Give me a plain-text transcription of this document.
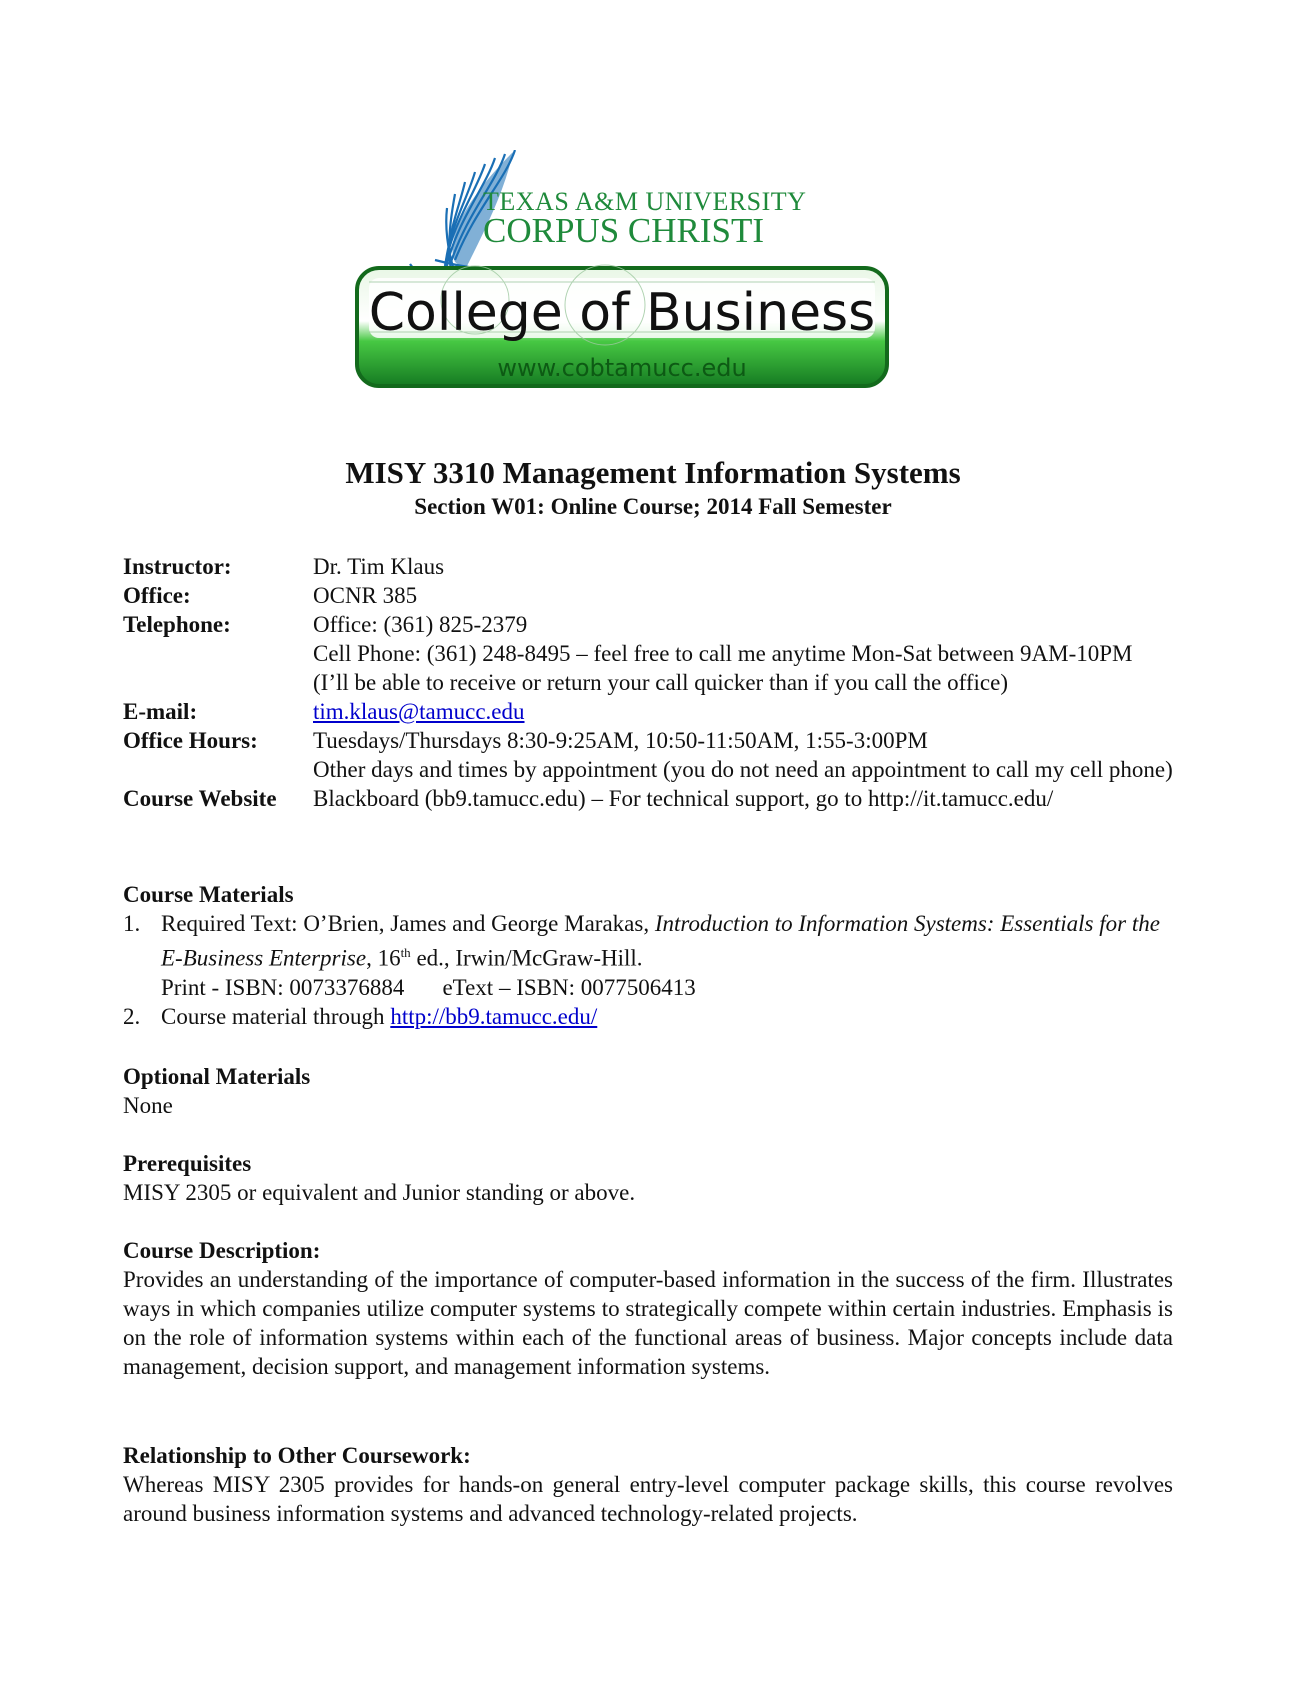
TEXAS A&M UNIVERSITY
CORPUS CHRISTI
College of Business
www.cobtamucc.edu
MISY 3310 Management Information Systems
Section W01: Online Course; 2014 Fall Semester
Instructor:	Dr. Tim Klaus
Office:	OCNR 385
Telephone:	Office: (361) 825-2379
Cell Phone: (361) 248-8495 – feel free to call me anytime Mon-Sat between 9AM-10PM (I’ll be able to receive or return your call quicker than if you call the office)
E-mail:	tim.klaus@tamucc.edu
Office Hours:	Tuesdays/Thursdays 8:30-9:25AM, 10:50-11:50AM, 1:55-3:00PM
Other days and times by appointment (you do not need an appointment to call my cell phone)
Course Website	Blackboard (bb9.tamucc.edu) – For technical support, go to http://it.tamucc.edu/
Course Materials
1. Required Text: O’Brien, James and George Marakas, Introduction to Information Systems: Essentials for the E-Business Enterprise, 16th ed., Irwin/McGraw-Hill.
Print - ISBN: 0073376884 eText – ISBN: 0077506413
2. Course material through http://bb9.tamucc.edu/
Optional Materials
None
Prerequisites
MISY 2305 or equivalent and Junior standing or above.
Course Description:
Provides an understanding of the importance of computer-based information in the success of the firm. Illustrates ways in which companies utilize computer systems to strategically compete within certain industries. Emphasis is on the role of information systems within each of the functional areas of business. Major concepts include data management, decision support, and management information systems.
Relationship to Other Coursework:
Whereas MISY 2305 provides for hands-on general entry-level computer package skills, this course revolves around business information systems and advanced technology-related projects.
